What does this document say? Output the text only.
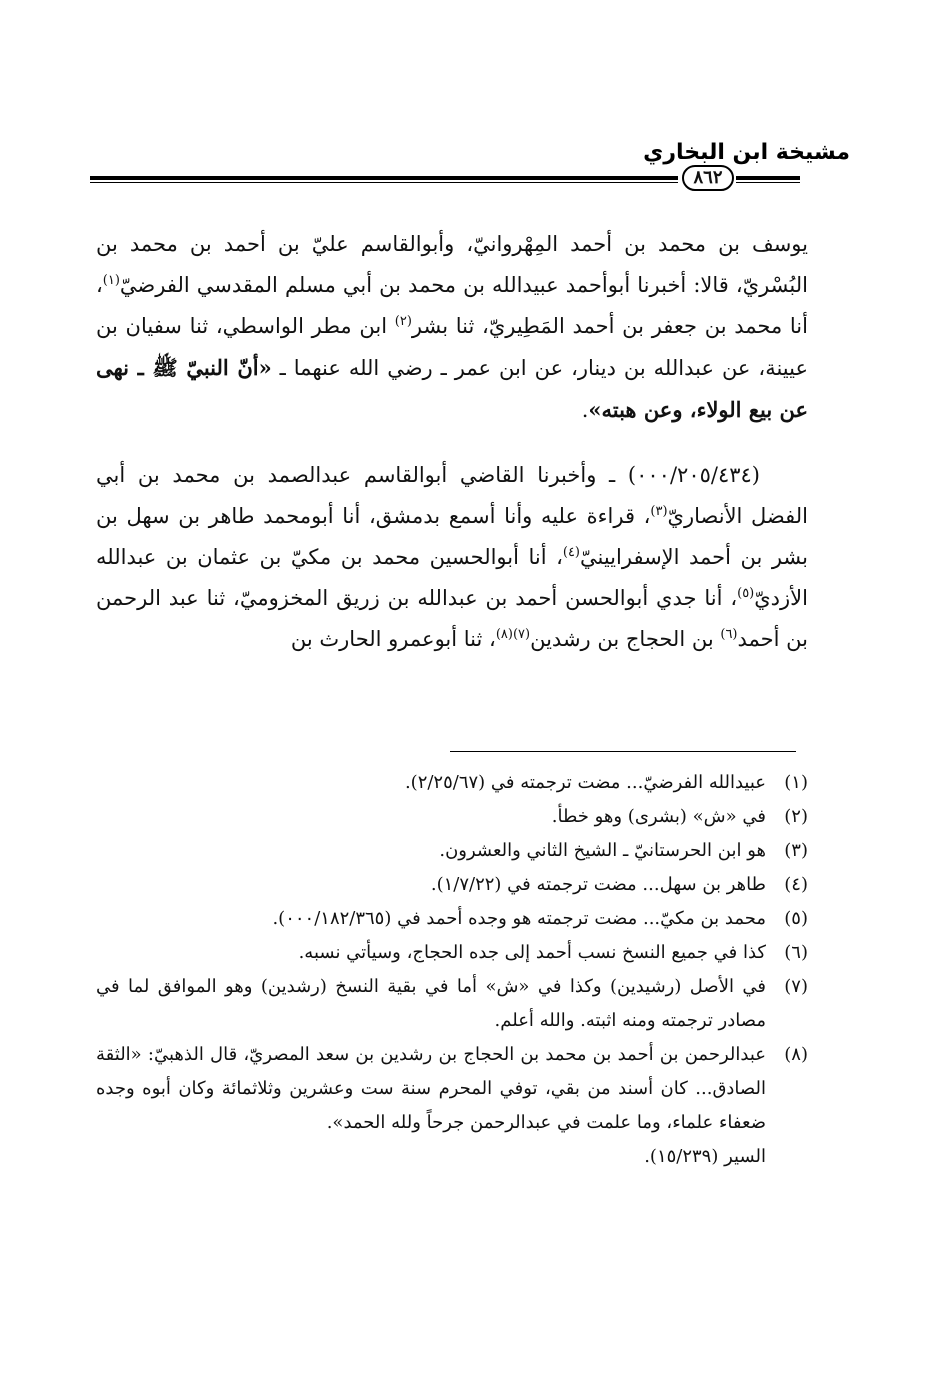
مشيخة ابن البخاري
٨٦٢

يوسف بن محمد بن أحمد المِهْروانيّ، وأبوالقاسم عليّ بن أحمد بن محمد بن البُسْريّ، قالا: أخبرنا أبوأحمد عبيدالله بن محمد بن أبي مسلم المقدسي الفرضيّ$^{(١)}$، أنا محمد بن جعفر بن أحمد المَطِيريّ، ثنا بشر$^{(٢)}$ ابن مطر الواسطي، ثنا سفيان بن عيينة، عن عبدالله بن دينار، عن ابن عمر ـ رضي الله عنهما ـ «أنّ النبيّ ﷺ ـ نهى عن بيع الولاء، وعن هبته».

(٠٠٠/٢٠٥/٤٣٤) ـ وأخبرنا القاضي أبوالقاسم عبدالصمد بن محمد بن أبي الفضل الأنصاريّ$^{(٣)}$، قراءة عليه وأنا أسمع بدمشق، أنا أبومحمد طاهر بن سهل بن بشر بن أحمد الإسفرايينيّ$^{(٤)}$، أنا أبوالحسين محمد بن مكيّ بن عثمان بن عبدالله الأزديّ$^{(٥)}$، أنا جدي أبوالحسن أحمد بن عبدالله بن زريق المخزوميّ، ثنا عبد الرحمن بن أحمد$^{(٦)}$ بن الحجاج بن رشدين$^{(٧)(٨)}$، ثنا أبوعمرو الحارث بن

(١)
عبيدالله الفرضيّ... مضت ترجمته في (٢/٢٥/٦٧).
(٢)
في «ش» (بشرى) وهو خطأ.
(٣)
هو ابن الحرستانيّ ـ الشيخ الثاني والعشرون.
(٤)
طاهر بن سهل... مضت ترجمته في (١/٧/٢٢).
(٥)
محمد بن مكيّ... مضت ترجمته هو وجده أحمد في (٠٠٠/١٨٢/٣٦٥).
(٦)
كذا في جميع النسخ نسب أحمد إلى جده الحجاج، وسيأتي نسبه.
(٧)
في الأصل (رشيدين) وكذا في «ش» أما في بقية النسخ (رشدين) وهو الموافق لما في مصادر ترجمته ومنه اثبته. والله أعلم.
(٨)
عبدالرحمن بن أحمد بن محمد بن الحجاج بن رشدين بن سعد المصريّ، قال الذهبيّ: «الثقة الصادق... كان أسند من بقي، توفي المحرم سنة ست وعشرين وثلاثمائة وكان أبوه وجده ضعفاء علماء، وما علمت في عبدالرحمن جرحاً ولله الحمد».
السير (١٥/٢٣٩).
